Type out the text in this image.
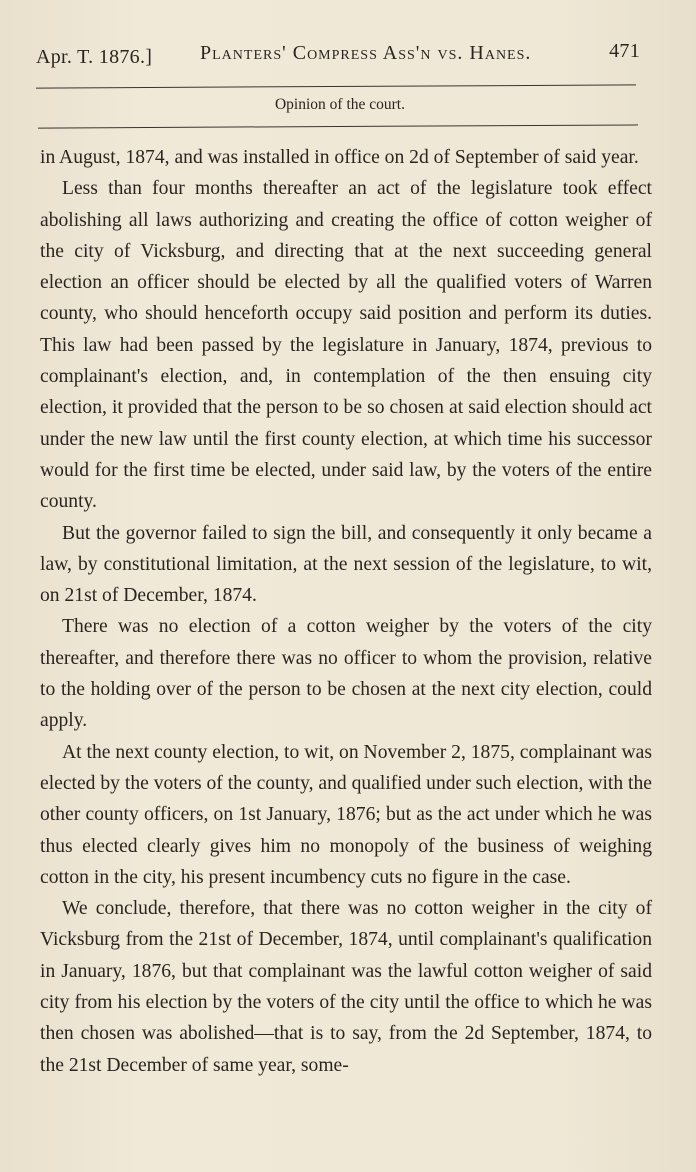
Apr. T. 1876.] Planters' Compress Ass'n vs. Hanes.	471
Opinion of the court.

in August, 1874, and was installed in office on 2d of September of said year.

Less than four months thereafter an act of the legislature took effect abolishing all laws authorizing and creating the office of cotton weigher of the city of Vicksburg, and directing that at the next succeeding general election an officer should be elected by all the qualified voters of Warren county, who should henceforth occupy said position and perform its duties. This law had been passed by the legislature in January, 1874, previous to complainant's election, and, in contemplation of the then ensuing city election, it provided that the person to be so chosen at said election should act under the new law until the first county election, at which time his successor would for the first time be elected, under said law, by the voters of the entire county.

But the governor failed to sign the bill, and consequently it only became a law, by constitutional limitation, at the next session of the legislature, to wit, on 21st of December, 1874.

There was no election of a cotton weigher by the voters of the city thereafter, and therefore there was no officer to whom the provision, relative to the holding over of the person to be chosen at the next city election, could apply.

At the next county election, to wit, on November 2, 1875, complainant was elected by the voters of the county, and qualified under such election, with the other county officers, on 1st January, 1876; but as the act under which he was thus elected clearly gives him no monopoly of the business of weighing cotton in the city, his present incumbency cuts no figure in the case.

We conclude, therefore, that there was no cotton weigher in the city of Vicksburg from the 21st of December, 1874, until complainant's qualification in January, 1876, but that complainant was the lawful cotton weigher of said city from his election by the voters of the city until the office to which he was then chosen was abolished—that is to say, from the 2d September, 1874, to the 21st December of same year, some-
